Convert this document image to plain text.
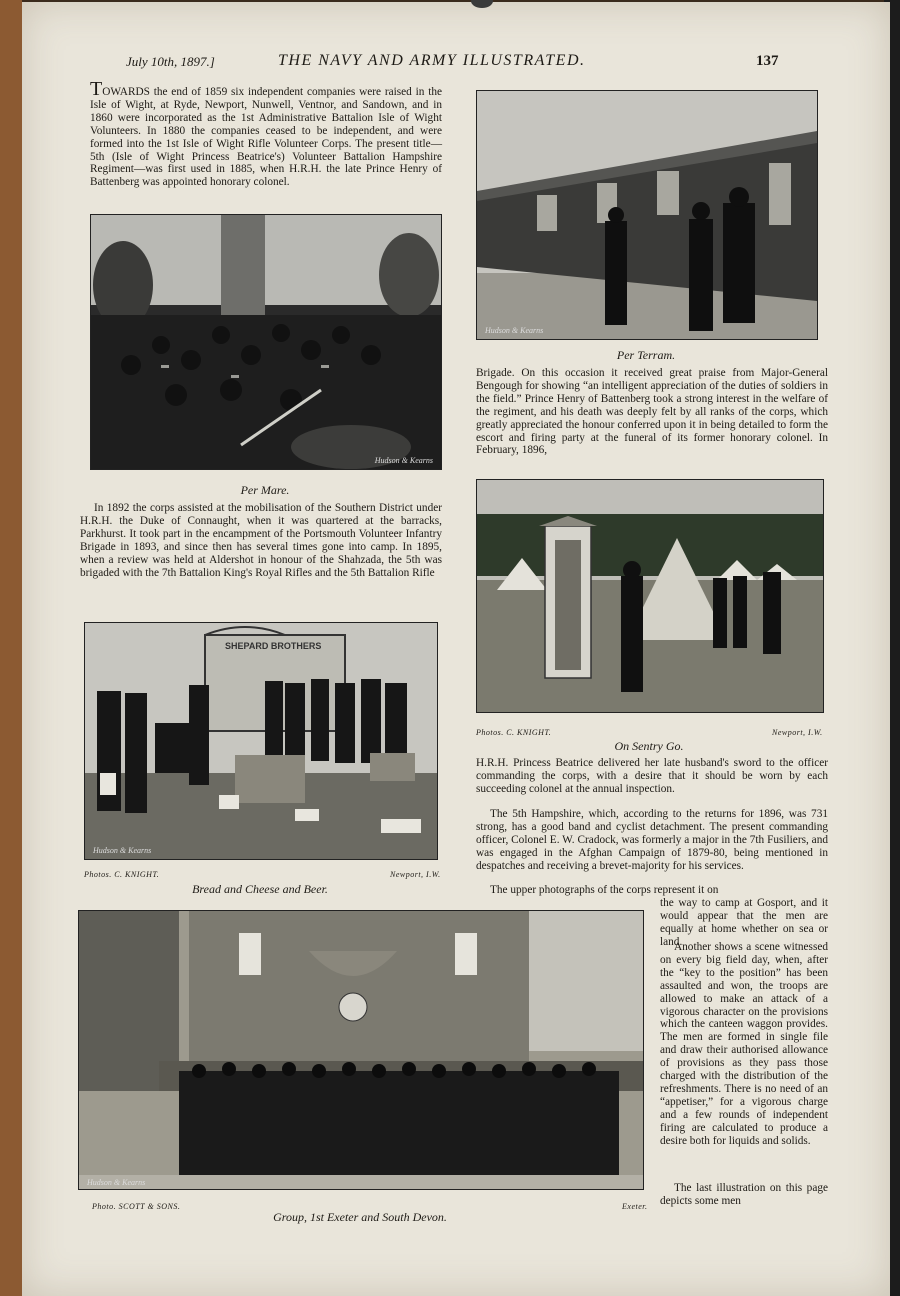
July 10th, 1897.]	THE NAVY AND ARMY ILLUSTRATED.	137

TOWARDS the end of 1859 six independent companies were raised in the Isle of Wight, at Ryde, Newport, Nunwell, Ventnor, and Sandown, and in 1860 were incorporated as the 1st Administrative Battalion Isle of Wight Volunteers. In 1880 the companies ceased to be independent, and were formed into the 1st Isle of Wight Rifle Volunteer Corps. The present title—5th (Isle of Wight Princess Beatrice's) Volunteer Battalion Hampshire Regiment—was first used in 1885, when H.R.H. the late Prince Henry of Battenberg was appointed honorary colonel.

Hudson & Kearns
Per Mare.

In 1892 the corps assisted at the mobilisation of the Southern District under H.R.H. the Duke of Connaught, when it was quartered at the barracks, Parkhurst. It took part in the encampment of the Portsmouth Volunteer Infantry Brigade in 1893, and since then has several times gone into camp. In 1895, when a review was held at Aldershot in honour of the Shahzada, the 5th was brigaded with the 7th Battalion King's Royal Rifles and the 5th Battalion Rifle

Hudson & Kearns
SHEPARD BROTHERS
Photos. C. KNIGHT.	Newport, I.W.
Bread and Cheese and Beer.
Hudson & Kearns
Per Terram.

Brigade. On this occasion it received great praise from Major-General Bengough for showing “an intelligent appreciation of the duties of soldiers in the field.” Prince Henry of Battenberg took a strong interest in the welfare of the regiment, and his death was deeply felt by all ranks of the corps, which greatly appreciated the honour conferred upon it in being detailed to form the escort and firing party at the funeral of its former honorary colonel. In February, 1896,

Photos. C. KNIGHT.	Newport, I.W.
On Sentry Go.

H.R.H. Princess Beatrice delivered her late husband's sword to the officer commanding the corps, with a desire that it should be worn by each succeeding colonel at the annual inspection.

The 5th Hampshire, which, according to the returns for 1896, was 731 strong, has a good band and cyclist detachment. The present commanding officer, Colonel E. W. Cradock, was formerly a major in the 7th Fusiliers, and was engaged in the Afghan Campaign of 1879-80, being mentioned in despatches and receiving a brevet-majority for his services.

The upper photographs of the corps represent it on

the way to camp at Gosport, and it would appear that the men are equally at home whether on sea or land.

Another shows a scene witnessed on every big field day, when, after the “key to the position” has been assaulted and won, the troops are allowed to make an attack of a vigorous character on the provisions which the canteen waggon provides. The men are formed in single file and draw their authorised allowance of provisions as they pass those charged with the distribution of the refreshments. There is no need of an “appetiser,” for a vigorous charge and a few rounds of independent firing are calculated to produce a desire both for liquids and solids.

The last illustration on this page depicts some men

Hudson & Kearns
Photo. SCOTT & SONS.	Exeter.
Group, 1st Exeter and South Devon.
